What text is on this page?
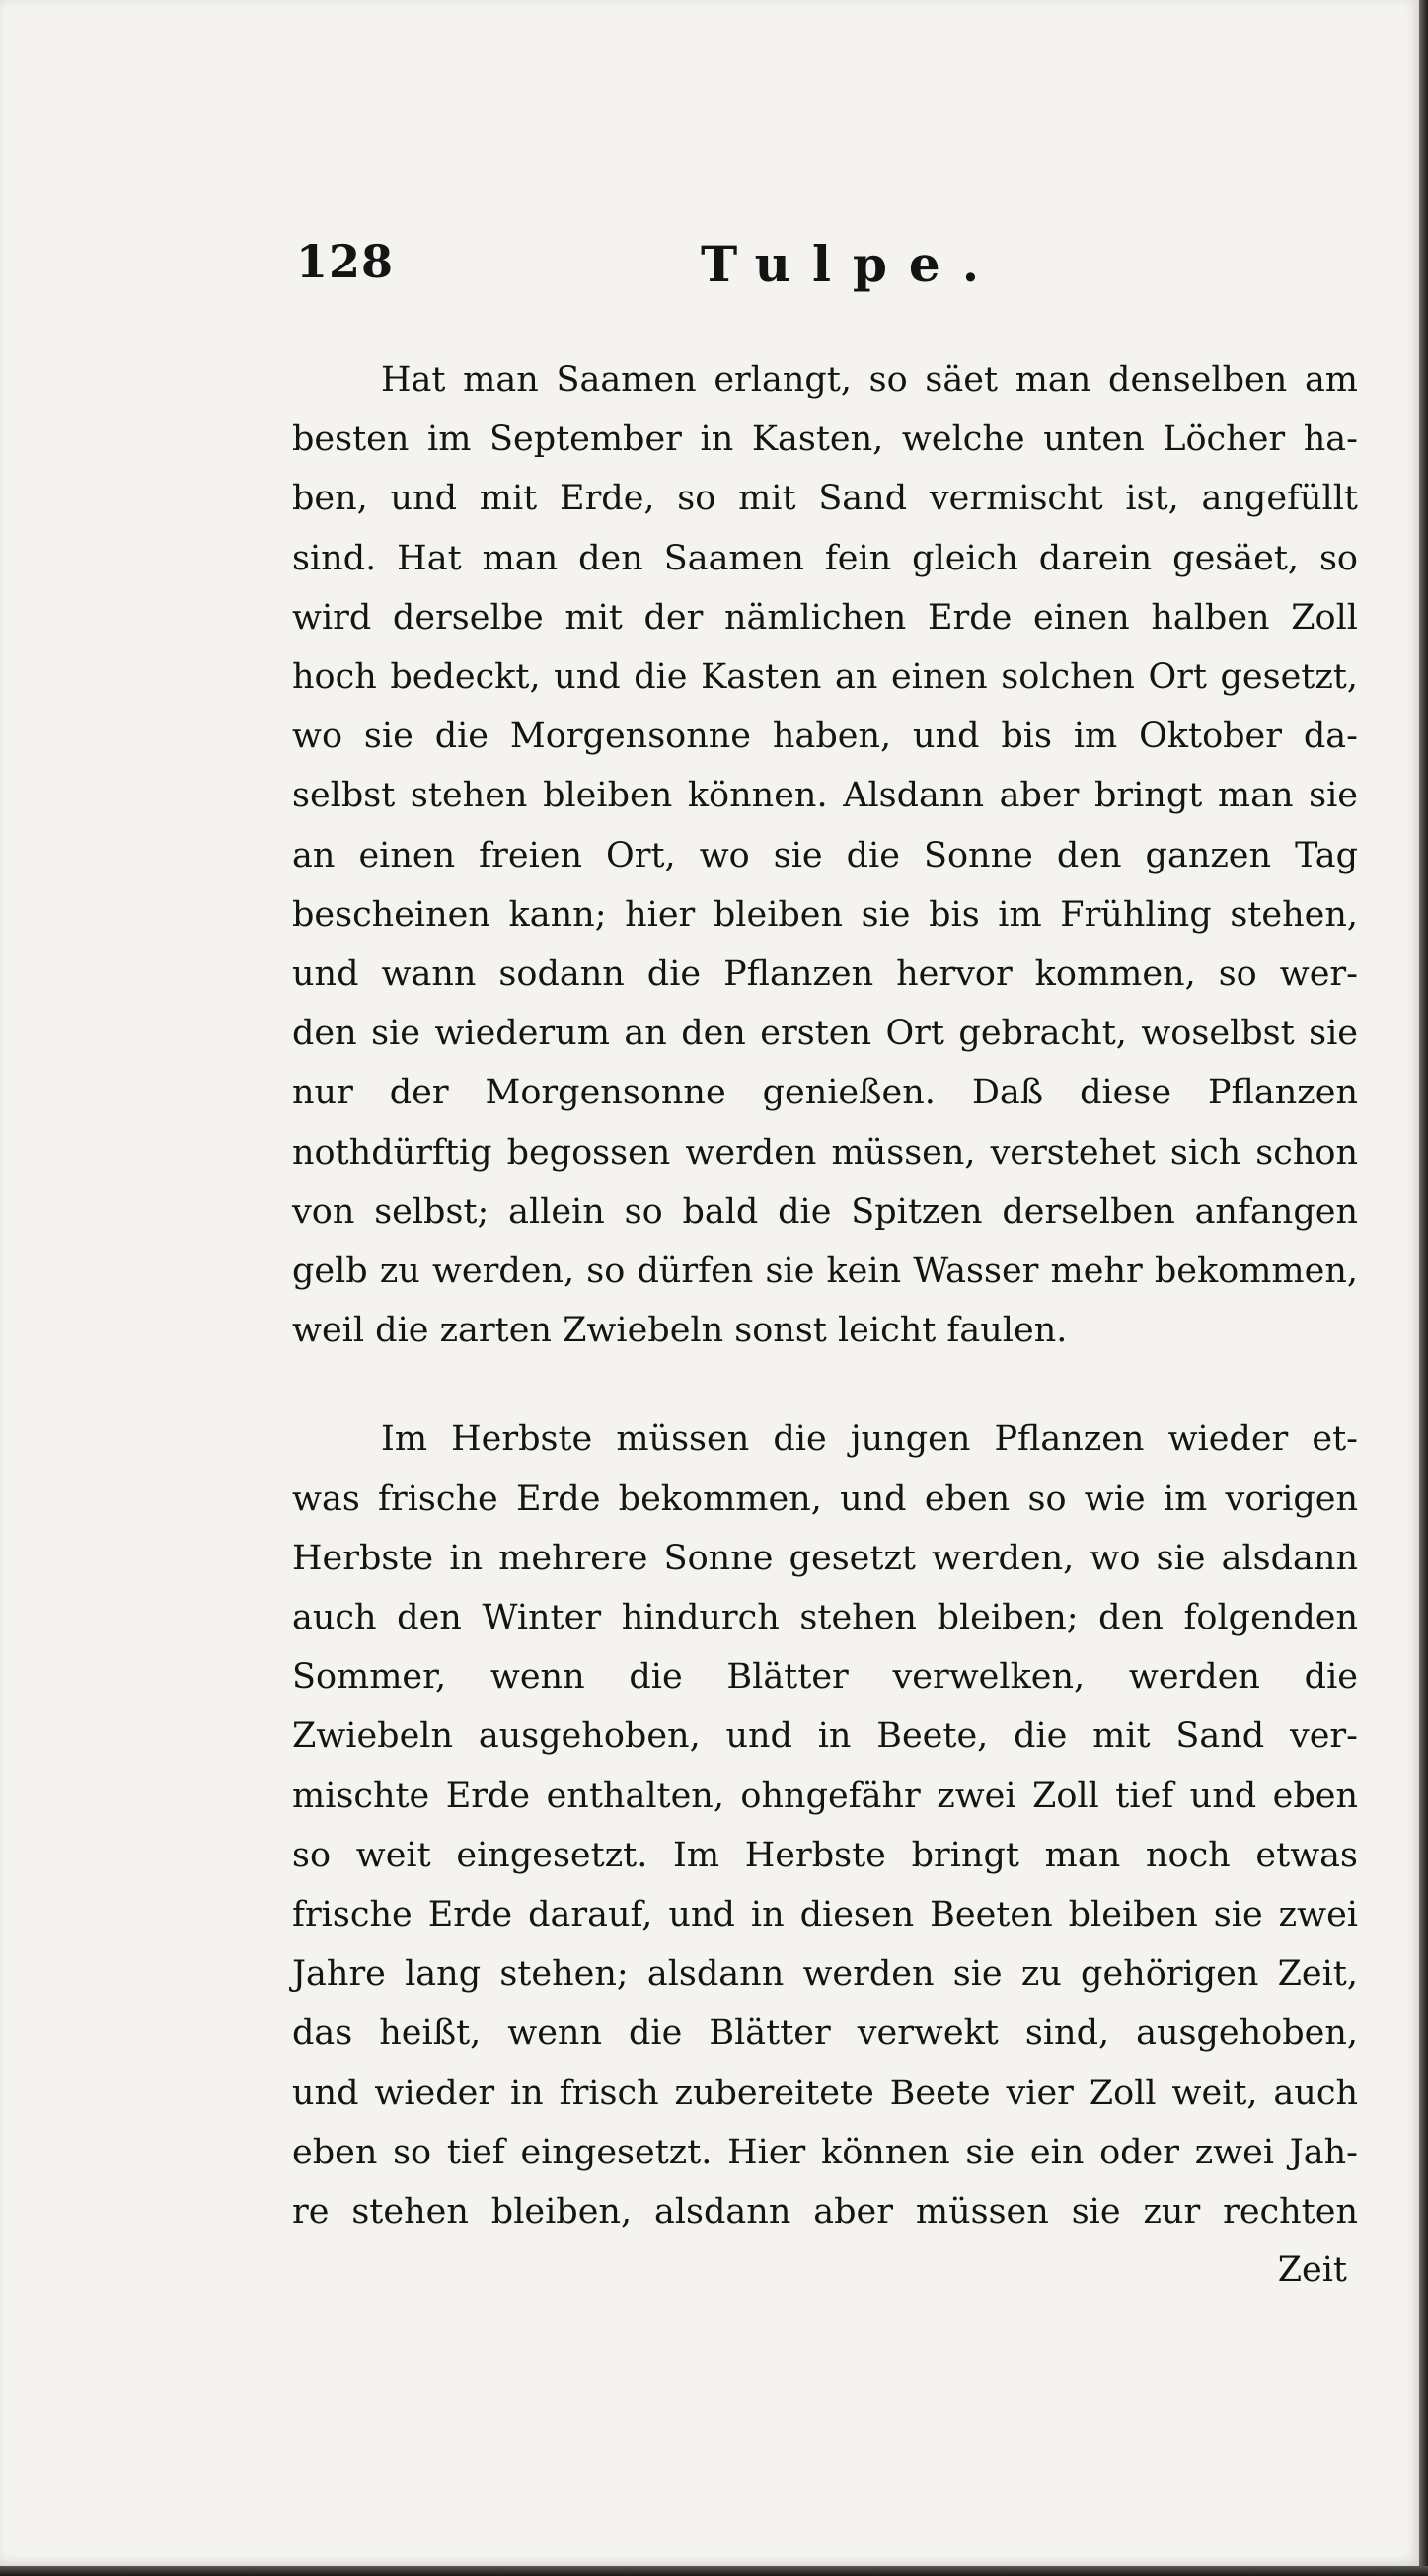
128	Tulpe.
Hat man Saamen erlangt, so säet man denselben am
besten im September in Kasten, welche unten Löcher ha-
ben, und mit Erde, so mit Sand vermischt ist, angefüllt
sind. Hat man den Saamen fein gleich darein gesäet, so
wird derselbe mit der nämlichen Erde einen halben Zoll
hoch bedeckt, und die Kasten an einen solchen Ort gesetzt,
wo sie die Morgensonne haben, und bis im Oktober da-
selbst stehen bleiben können. Alsdann aber bringt man sie
an einen freien Ort, wo sie die Sonne den ganzen Tag
bescheinen kann; hier bleiben sie bis im Frühling stehen,
und wann sodann die Pflanzen hervor kommen, so wer-
den sie wiederum an den ersten Ort gebracht, woselbst sie
nur der Morgensonne genießen. Daß diese Pflanzen
nothdürftig begossen werden müssen, verstehet sich schon
von selbst; allein so bald die Spitzen derselben anfangen
gelb zu werden, so dürfen sie kein Wasser mehr bekommen,
weil die zarten Zwiebeln sonst leicht faulen.
Im Herbste müssen die jungen Pflanzen wieder et-
was frische Erde bekommen, und eben so wie im vorigen
Herbste in mehrere Sonne gesetzt werden, wo sie alsdann
auch den Winter hindurch stehen bleiben; den folgenden
Sommer, wenn die Blätter verwelken, werden die
Zwiebeln ausgehoben, und in Beete, die mit Sand ver-
mischte Erde enthalten, ohngefähr zwei Zoll tief und eben
so weit eingesetzt. Im Herbste bringt man noch etwas
frische Erde darauf, und in diesen Beeten bleiben sie zwei
Jahre lang stehen; alsdann werden sie zu gehörigen Zeit,
das heißt, wenn die Blätter verwekt sind, ausgehoben,
und wieder in frisch zubereitete Beete vier Zoll weit, auch
eben so tief eingesetzt. Hier können sie ein oder zwei Jah-
re stehen bleiben, alsdann aber müssen sie zur rechten
Zeit
